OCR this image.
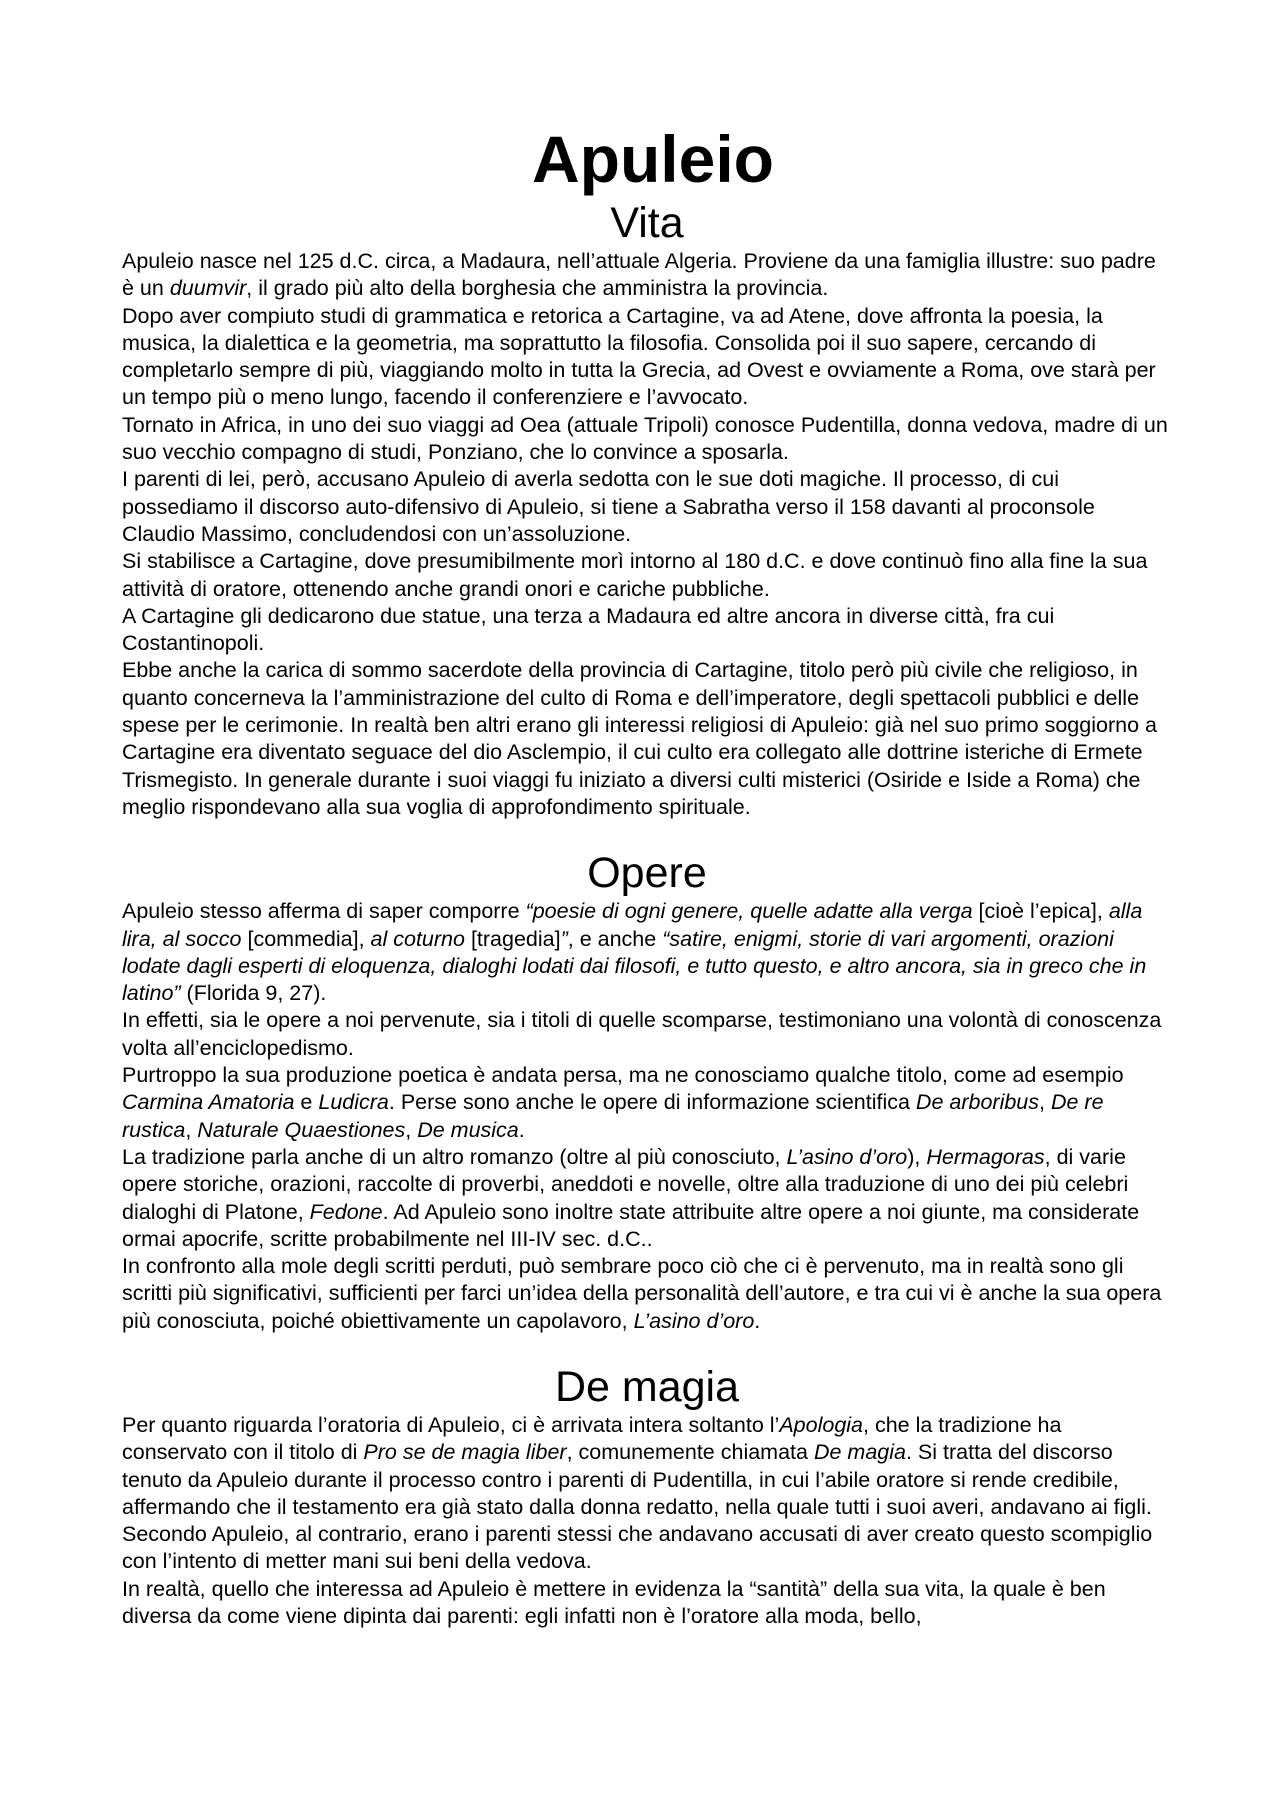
Apuleio
Vita

Apuleio nasce nel 125 d.C. circa, a Madaura, nell’attuale Algeria. Proviene da una famiglia illustre: suo padre è un duumvir, il grado più alto della borghesia che amministra la provincia.

Dopo aver compiuto studi di grammatica e retorica a Cartagine, va ad Atene, dove affronta la poesia, la musica, la dialettica e la geometria, ma soprattutto la filosofia. Consolida poi il suo sapere, cercando di completarlo sempre di più, viaggiando molto in tutta la Grecia, ad Ovest e ovviamente a Roma, ove starà per un tempo più o meno lungo, facendo il conferenziere e l’avvocato.

Tornato in Africa, in uno dei suo viaggi ad Oea (attuale Tripoli) conosce Pudentilla, donna vedova, madre di un suo vecchio compagno di studi, Ponziano, che lo convince a sposarla.

I parenti di lei, però, accusano Apuleio di averla sedotta con le sue doti magiche. Il processo, di cui possediamo il discorso auto-difensivo di Apuleio, si tiene a Sabratha verso il 158 davanti al proconsole Claudio Massimo, concludendosi con un’assoluzione.

Si stabilisce a Cartagine, dove presumibilmente morì intorno al 180 d.C. e dove continuò fino alla fine la sua attività di oratore, ottenendo anche grandi onori e cariche pubbliche.

A Cartagine gli dedicarono due statue, una terza a Madaura ed altre ancora in diverse città, fra cui Costantinopoli.

Ebbe anche la carica di sommo sacerdote della provincia di Cartagine, titolo però più civile che religioso, in quanto concerneva la l’amministrazione del culto di Roma e dell’imperatore, degli spettacoli pubblici e delle spese per le cerimonie. In realtà ben altri erano gli interessi religiosi di Apuleio: già nel suo primo soggiorno a Cartagine era diventato seguace del dio Asclempio, il cui culto era collegato alle dottrine isteriche di Ermete Trismegisto. In generale durante i suoi viaggi fu iniziato a diversi culti misterici (Osiride e Iside a Roma) che meglio rispondevano alla sua voglia di approfondimento spirituale.

Opere

Apuleio stesso afferma di saper comporre “poesie di ogni genere, quelle adatte alla verga [cioè l’epica], alla lira, al socco [commedia], al coturno [tragedia]”, e anche “satire, enigmi, storie di vari argomenti, orazioni lodate dagli esperti di eloquenza, dialoghi lodati dai filosofi, e tutto questo, e altro ancora, sia in greco che in latino” (Florida 9, 27).

In effetti, sia le opere a noi pervenute, sia i titoli di quelle scomparse, testimoniano una volontà di conoscenza volta all’enciclopedismo.

Purtroppo la sua produzione poetica è andata persa, ma ne conosciamo qualche titolo, come ad esempio Carmina Amatoria e Ludicra. Perse sono anche le opere di informazione scientifica De arboribus, De re rustica, Naturale Quaestiones, De musica.

La tradizione parla anche di un altro romanzo (oltre al più conosciuto, L’asino d’oro), Hermagoras, di varie opere storiche, orazioni, raccolte di proverbi, aneddoti e novelle, oltre alla traduzione di uno dei più celebri dialoghi di Platone, Fedone. Ad Apuleio sono inoltre state attribuite altre opere a noi giunte, ma considerate ormai apocrife, scritte probabilmente nel III-IV sec. d.C..

In confronto alla mole degli scritti perduti, può sembrare poco ciò che ci è pervenuto, ma in realtà sono gli scritti più significativi, sufficienti per farci un’idea della personalità dell’autore, e tra cui vi è anche la sua opera più conosciuta, poiché obiettivamente un capolavoro, L’asino d’oro.

De magia

Per quanto riguarda l’oratoria di Apuleio, ci è arrivata intera soltanto l’Apologia, che la tradizione ha conservato con il titolo di Pro se de magia liber, comunemente chiamata De magia. Si tratta del discorso tenuto da Apuleio durante il processo contro i parenti di Pudentilla, in cui l’abile oratore si rende credibile, affermando che il testamento era già stato dalla donna redatto, nella quale tutti i suoi averi, andavano ai figli. Secondo Apuleio, al contrario, erano i parenti stessi che andavano accusati di aver creato questo scompiglio con l’intento di metter mani sui beni della vedova.

In realtà, quello che interessa ad Apuleio è mettere in evidenza la “santità” della sua vita, la quale è ben diversa da come viene dipinta dai parenti: egli infatti non è l’oratore alla moda, bello,
